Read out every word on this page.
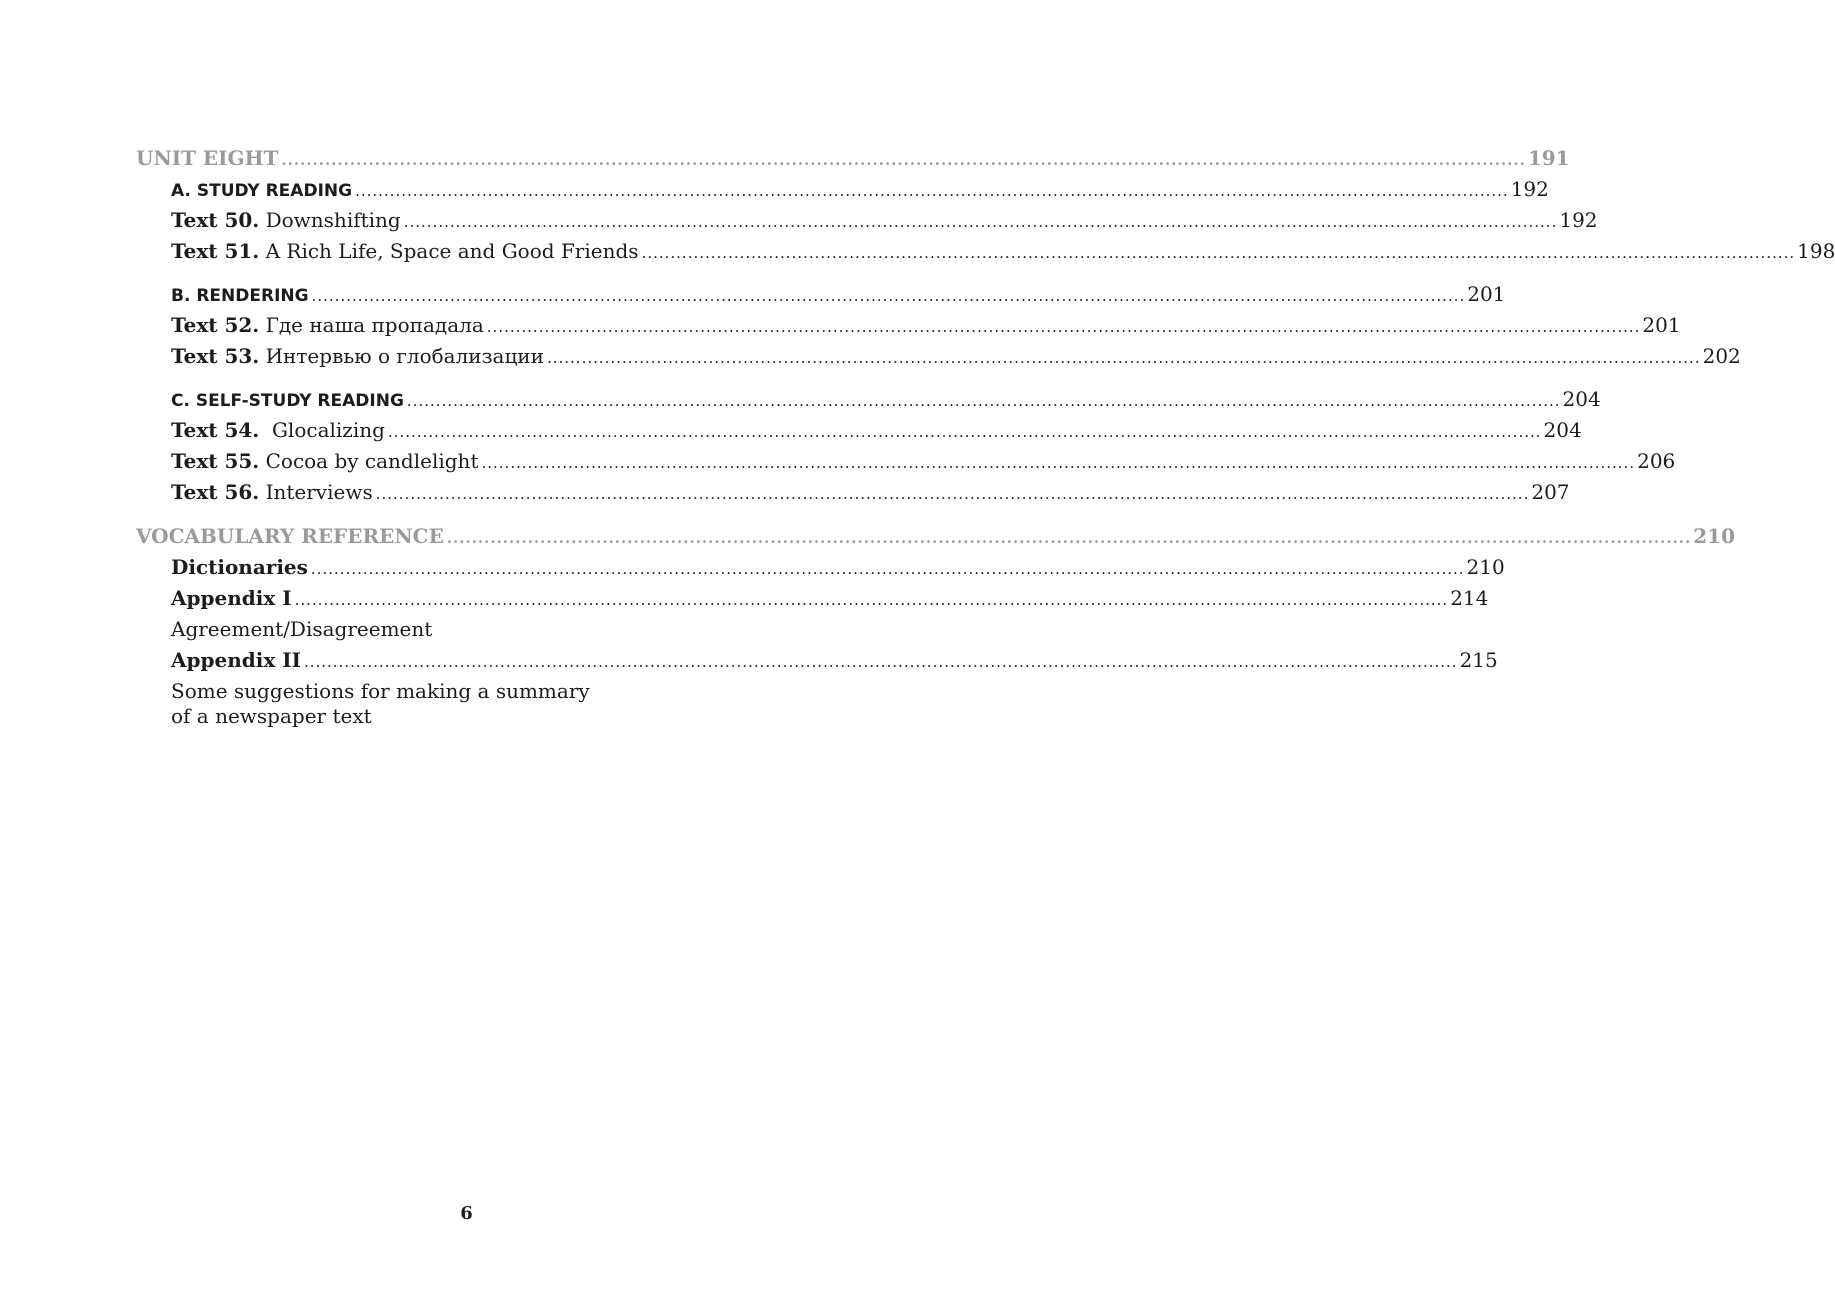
UNIT EIGHT ........................................................................................................................................................................................................ 191
A. STUDY READING ........................................................................................................................................................................................................ 192
Text 50. Downshifting ........................................................................................................................................................................................................ 192
Text 51. A Rich Life, Space and Good Friends ........................................................................................................................................................................................................ 198
B. RENDERING ........................................................................................................................................................................................................ 201
Text 52. Где наша пропадала ........................................................................................................................................................................................................ 201
Text 53. Интервью о глобализации ........................................................................................................................................................................................................ 202
C. SELF-STUDY READING ........................................................................................................................................................................................................ 204
Text 54. Glocalizing ........................................................................................................................................................................................................ 204
Text 55. Cocoa by candlelight ........................................................................................................................................................................................................ 206
Text 56. Interviews ........................................................................................................................................................................................................ 207
VOCABULARY REFERENCE ........................................................................................................................................................................................................ 210
Dictionaries ........................................................................................................................................................................................................ 210
Appendix I ........................................................................................................................................................................................................ 214
Agreement/Disagreement
Appendix II ........................................................................................................................................................................................................ 215
Some suggestions for making a summary
of a newspaper text
6
